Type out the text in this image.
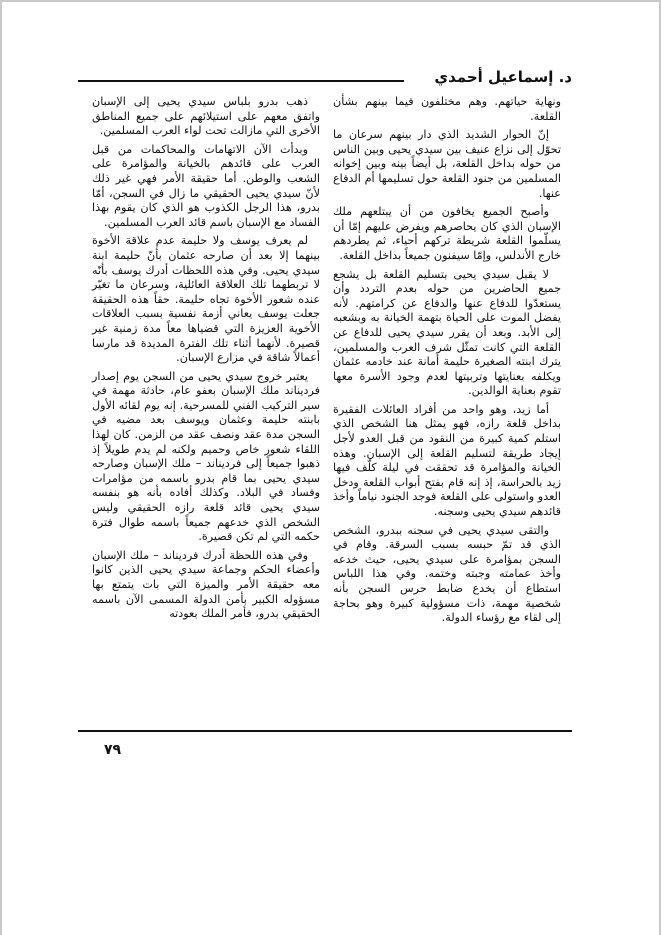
د. إسماعيل أحمدي

ونهاية حياتهم. وهم مختلفون فيما بينهم بشأن القلعة.

إنّ الحوار الشديد الذي دار بينهم سرعان ما تحوّل إلى نزاع عنيف بين سيدي يحيى وبين الناس من حوله بداخل القلعة، بل أيضاً بينه وبين إخوانه المسلمين من جنود القلعة حول تسليمها أم الدفاع عنها.

وأصبح الجميع يخافون من أن يبتلعهم ملك الإسبان الذي كان يحاصرهم ويفرض عليهم إمّا أن يسلّموا القلعة شريطة تركهم أحياء، ثم يطردهم خارج الأندلس، وإمّا سيفنون جميعاً بداخل القلعة.

لا يقبل سيدي يحيى بتسليم القلعة بل يشجع جميع الحاضرين من حوله بعدم التردد وأن يستعدّوا للدفاع عنها والدفاع عن كرامتهم. لأنه يفضل الموت على الحياة بتهمة الخيانة به وبشعبه إلى الأبد. وبعد أن يقرر سيدي يحيى للدفاع عن القلعة التي كانت تمثّل شرف العرب والمسلمين، يترك ابنته الصغيرة حليمة أمانة عند خادمه عثمان ويكلفه بعنايتها وتربيتها لعدم وجود الأسرة معها تقوم بعناية الوالدين.

أما زيد، وهو واحد من أفراد العائلات الفقيرة بداخل قلعة رازه، فهو يمثل هنا الشخص الذي استلم كمية كبيرة من النقود من قبل العدو لأجل إيجاد طريقة لتسليم القلعة إلى الإسبان. وهذه الخيانة والمؤامرة قد تحققت في ليلة كلّف فيها زيد بالحراسة، إذ إنه قام بفتح أبواب القلعة ودخل العدو واستولى على القلعة فوجد الجنود نياماً وأخذ قائدهم سيدي يحيى وسجنه.

والتقى سيدي يحيى في سجنه ببدرو، الشخص الذي قد تمّ حبسه بسبب السرقة. وقام في السجن بمؤامرة على سيدي يحيى، حيث خدعه وأخذ عمامته وجبته وختمه. وفي هذا اللباس استطاع أن يخدع ضابط حرس السجن بأنه شخصية مهمة، ذات مسؤولية كبيرة وهو بحاجة إلى لقاء مع رؤساء الدولة.

ذهب بدرو بلباس سيدي يحيى إلى الإسبان واتفق معهم على استيلائهم على جميع المناطق الأخرى التي مازالت تحت لواء العرب المسلمين.

وبدأت الآن الاتهامات والمحاكمات من قبل العرب على قائدهم بالخيانة والمؤامرة على الشعب والوطن. أما حقيقة الأمر فهي غير ذلك لأنّ سيدي يحيى الحقيقي ما زال في السجن، أمّا بدرو، هذا الرجل الكذوب هو الذي كان يقوم بهذا الفساد مع الإسبان باسم قائد العرب المسلمين.

لم يعرف يوسف ولا حليمة عدم علاقة الأخوة بينهما إلا بعد أن صارحه عثمان بأنّ حليمة ابنة سيدي يحيى. وفي هذه اللحظات أدرك يوسف بأنّه لا تربطهما تلك العلاقة العائلية، وسرعان ما تغيّر عنده شعور الأخوة تجاه حليمة. حقاً هذه الحقيقة جعلت يوسف يعاني أزمة نفسية بسبب العلاقات الأخوية العزيزة التي قضياها معاً مدة زمنية غير قصيرة. لأنهما أثناء تلك الفترة المديدة قد مارسا أعمالاً شاقة في مزارع الإسبان.

يعتبر خروج سيدي يحيى من السجن يوم إصدار فرديناند ملك الإسبان بعفو عام، حادثة مهمة في سير التركيب الفني للمسرحية. إنه يوم لقائه الأول بابنته حليمة وعثمان ويوسف بعد مضيه في السجن مدة عقد ونصف عقد من الزمن. كان لهذا اللقاء شعور خاص وحميم ولكنه لم يدم طويلاً إذ ذهبوا جميعاً إلى فرديناند – ملك الإسبان وصارحه سيدي يحيى بما قام بدرو باسمه من مؤامرات وفساد في البلاد. وكذلك أفاده بأنه هو بنفسه سيدي يحيى قائد قلعة رازه الحقيقي وليس الشخص الذي خدعهم جميعاً باسمه طوال فترة حكمه التي لم تكن قصيرة.

وفي هذه اللحظة أدرك فرديناند – ملك الإسبان وأعضاء الحكم وجماعة سيدي يحيى الذين كانوا معه حقيقة الأمر والميزة التي بات يتمتع بها مسؤوله الكبير بأمن الدولة المسمى الآن باسمه الحقيقي بدرو، فأمر الملك بعودته

٧٩
